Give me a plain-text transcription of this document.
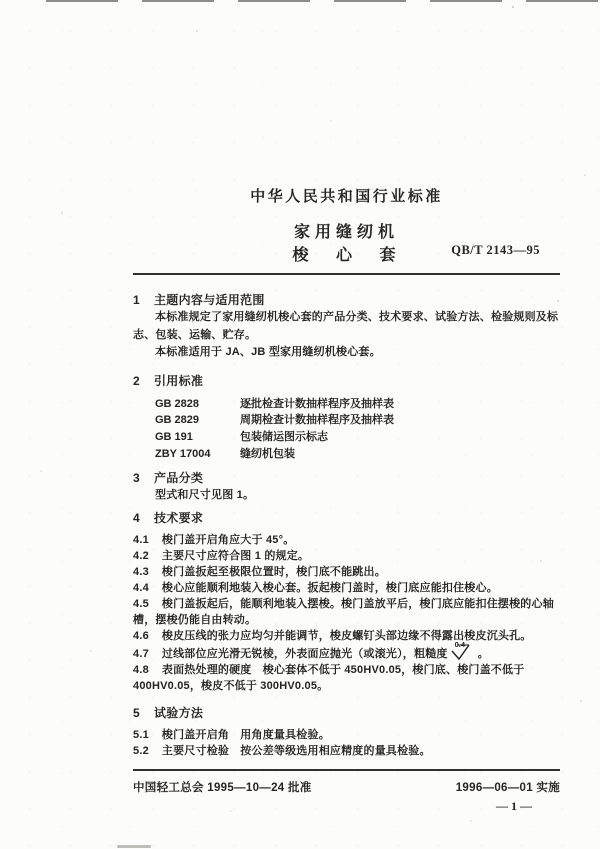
中华人民共和国行业标准
家用缝纫机
梭 心 套	QB/T 2143—95

1 主题内容与适用范围

本标准规定了家用缝纫机梭心套的产品分类、技术要求、试验方法、检验规则及标志、包装、运输、贮存。

本标准适用于 JA、JB 型家用缝纫机梭心套。

2 引用标准

GB 2828	逐批检查计数抽样程序及抽样表
GB 2829	周期检查计数抽样程序及抽样表
GB 191	包装储运图示标志
ZBY 17004	缝纫机包装

3 产品分类

型式和尺寸见图 1。

4 技术要求

4.1 梭门盖开启角应大于 45°。

4.2 主要尺寸应符合图 1 的规定。

4.3 梭门盖扳起至极限位置时，梭门底不能跳出。

4.4 梭心应能顺利地装入梭心套。扳起梭门盖时，梭门底应能扣住梭心。

4.5 梭门盖扳起后，能顺利地装入摆梭。梭门盖放平后，梭门底应能扣住摆梭的心轴槽，摆梭仍能自由转动。

4.6 梭皮压线的张力应均匀并能调节，梭皮螺钉头部边缘不得露出梭皮沉头孔。

4.7 过线部位应光滑无锐棱，外表面应抛光（或滚光），粗糙度
0.4
。

4.8 表面热处理的硬度　梭心套体不低于 450HV0.05，梭门底、梭门盖不低于 400HV0.05，梭皮不低于 300HV0.05。

5 试验方法

5.1 梭门盖开启角　用角度量具检验。

5.2 主要尺寸检验　按公差等级选用相应精度的量具检验。

中国轻工总会 1995—10—24 批准	1996—06—01 实施
— 1 —
